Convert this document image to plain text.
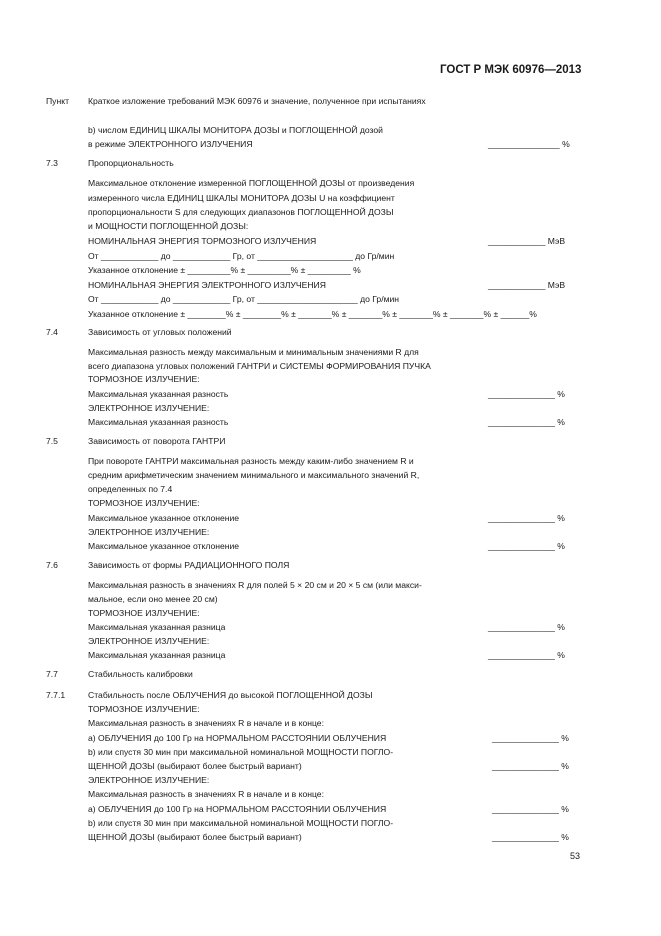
ГОСТ Р МЭК 60976—2013
Пункт Краткое изложение требований МЭК 60976 и значение, полученное при испытаниях
b) числом ЕДИНИЦ ШКАЛЫ МОНИТОРА ДОЗЫ и ПОГЛОЩЕННОЙ дозой
в режиме ЭЛЕКТРОННОГО ИЗЛУЧЕНИЯ	_______________ %
7.3	Пропорциональность
Максимальное отклонение измеренной ПОГЛОЩЕННОЙ ДОЗЫ от произведения
измеренного числа ЕДИНИЦ ШКАЛЫ МОНИТОРА ДОЗЫ U на коэффициент
пропорциональности S для следующих диапазонов ПОГЛОЩЕННОЙ ДОЗЫ
и МОЩНОСТИ ПОГЛОЩЕННОЙ ДОЗЫ:
НОМИНАЛЬНАЯ ЭНЕРГИЯ ТОРМОЗНОГО ИЗЛУЧЕНИЯ	____________ МэВ
От ____________ до ____________ Гр, от ____________________ до Гр/мин
Указанное отклонение ± _________% ± _________% ± _________ %
НОМИНАЛЬНАЯ ЭНЕРГИЯ ЭЛЕКТРОННОГО ИЗЛУЧЕНИЯ	____________ МэВ
От ____________ до ____________ Гр, от _____________________ до Гр/мин
Указанное отклонение ± ________% ± ________% ± _______% ± _______% ± _______% ± _______% ± ______%
7.4	Зависимость от угловых положений
Максимальная разность между максимальным и минимальным значениями R для
всего диапазона угловых положений ГАНТРИ и СИСТЕМЫ ФОРМИРОВАНИЯ ПУЧКА
ТОРМОЗНОЕ ИЗЛУЧЕНИЕ:
Максимальная указанная разность	______________ %
ЭЛЕКТРОННОЕ ИЗЛУЧЕНИЕ:
Максимальная указанная разность	______________ %
7.5	Зависимость от поворота ГАНТРИ
При повороте ГАНТРИ максимальная разность между каким-либо значением R и
средним арифметическим значением минимального и максимального значений R,
определенных по 7.4
ТОРМОЗНОЕ ИЗЛУЧЕНИЕ:
Максимальное указанное отклонение	______________ %
ЭЛЕКТРОННОЕ ИЗЛУЧЕНИЕ:
Максимальное указанное отклонение	______________ %
7.6	Зависимость от формы РАДИАЦИОННОГО ПОЛЯ
Максимальная разность в значениях R для полей 5 × 20 см и 20 × 5 см (или макси-
мальное, если оно менее 20 см)
ТОРМОЗНОЕ ИЗЛУЧЕНИЕ:
Максимальная указанная разница	______________ %
ЭЛЕКТРОННОЕ ИЗЛУЧЕНИЕ:
Максимальная указанная разница	______________ %
7.7	Стабильность калибровки
7.7.1	Стабильность после ОБЛУЧЕНИЯ до высокой ПОГЛОЩЕННОЙ ДОЗЫ
ТОРМОЗНОЕ ИЗЛУЧЕНИЕ:
Максимальная разность в значениях R в начале и в конце:
а) ОБЛУЧЕНИЯ до 100 Гр на НОРМАЛЬНОМ РАССТОЯНИИ ОБЛУЧЕНИЯ	______________ %
b) или спустя 30 мин при максимальной номинальной МОЩНОСТИ ПОГЛО-
ЩЕННОЙ ДОЗЫ (выбирают более быстрый вариант)	______________ %
ЭЛЕКТРОННОЕ ИЗЛУЧЕНИЕ:
Максимальная разность в значениях R в начале и в конце:
а) ОБЛУЧЕНИЯ до 100 Гр на НОРМАЛЬНОМ РАССТОЯНИИ ОБЛУЧЕНИЯ	______________ %
b) или спустя 30 мин при максимальной номинальной МОЩНОСТИ ПОГЛО-
ЩЕННОЙ ДОЗЫ (выбирают более быстрый вариант)	______________ %
53
